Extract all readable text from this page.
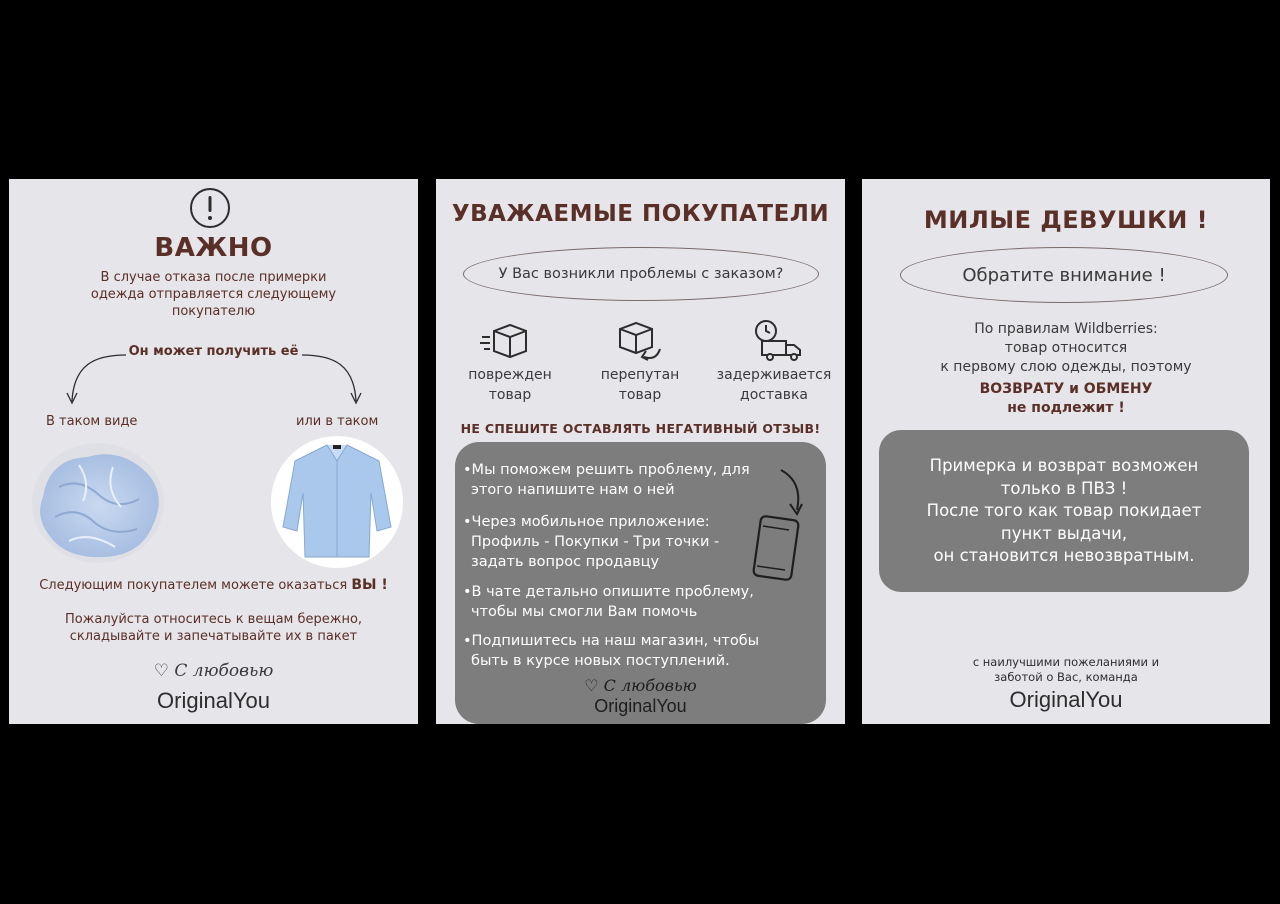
ВАЖНО
В случае отказа после примерки
одежда отправляется следующему
покупателю
Он может получить её
В таком виде	или в таком
Следующим покупателем можете оказаться ВЫ !
Пожалуйста относитесь к вещам бережно,
складывайте и запечатывайте их в пакет
♡ С любовью
OriginalYou
УВАЖАЕМЫЕ ПОКУПАТЕЛИ
У Вас возникли проблемы с заказом?
поврежден
товар
перепутан
товар
задерживается
доставка
НЕ СПЕШИТЕ ОСТАВЛЯТЬ НЕГАТИВНЫЙ ОТЗЫВ!
•Мы поможем решить проблему, для
этого напишите нам о ней
•Через мобильное приложение:
Профиль - Покупки - Три точки -
задать вопрос продавцу
•В чате детально опишите проблему,
чтобы мы смогли Вам помочь
•Подпишитесь на наш магазин, чтобы
быть в курсе новых поступлений.
♡ С любовью
OriginalYou
МИЛЫЕ ДЕВУШКИ !
Обратите внимание !
По правилам Wildberries:
товар относится
к первому слою одежды, поэтому
ВОЗВРАТУ и ОБМЕНУ
не подлежит !
Примерка и возврат возможен
только в ПВЗ !
После того как товар покидает
пункт выдачи,
он становится невозвратным.
с наилучшими пожеланиями и
заботой о Вас, команда
OriginalYou
